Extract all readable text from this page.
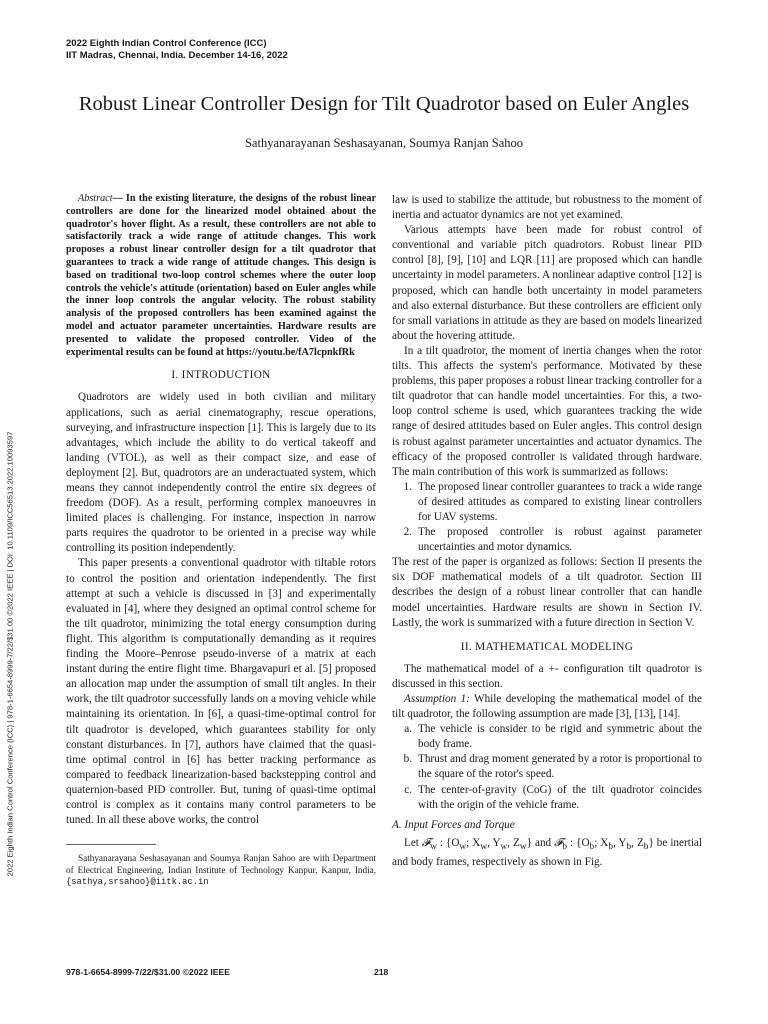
2022 Eighth Indian Control Conference (ICC)
IIT Madras, Chennai, India. December 14-16, 2022
Robust Linear Controller Design for Tilt Quadrotor based on Euler Angles
Sathyanarayanan Seshasayanan, Soumya Ranjan Sahoo
2022 Eighth Indian Control Conference (ICC) | 978-1-6654-8999-7/22/$31.00 ©2022 IEEE | DOI: 10.1109/ICC56513.2022.10093597

Abstract— In the existing literature, the designs of the robust linear controllers are done for the linearized model obtained about the quadrotor's hover flight. As a result, these controllers are not able to satisfactorily track a wide range of attitude changes. This work proposes a robust linear controller design for a tilt quadrotor that guarantees to track a wide range of attitude changes. This design is based on traditional two-loop control schemes where the outer loop controls the vehicle's attitude (orientation) based on Euler angles while the inner loop controls the angular velocity. The robust stability analysis of the proposed controllers has been examined against the model and actuator parameter uncertainties. Hardware results are presented to validate the proposed controller. Video of the experimental results can be found at https://youtu.be/fA7lcpnkfRk

I. INTRODUCTION

Quadrotors are widely used in both civilian and military applications, such as aerial cinematography, rescue operations, surveying, and infrastructure inspection [1]. This is largely due to its advantages, which include the ability to do vertical takeoff and landing (VTOL), as well as their compact size, and ease of deployment [2]. But, quadrotors are an underactuated system, which means they cannot independently control the entire six degrees of freedom (DOF). As a result, performing complex manoeuvres in limited places is challenging. For instance, inspection in narrow parts requires the quadrotor to be oriented in a precise way while controlling its position independently.

This paper presents a conventional quadrotor with tiltable rotors to control the position and orientation independently. The first attempt at such a vehicle is discussed in [3] and experimentally evaluated in [4], where they designed an optimal control scheme for the tilt quadrotor, minimizing the total energy consumption during flight. This algorithm is computationally demanding as it requires finding the Moore–Penrose pseudo-inverse of a matrix at each instant during the entire flight time. Bhargavapuri et al. [5] proposed an allocation map under the assumption of small tilt angles. In their work, the tilt quadrotor successfully lands on a moving vehicle while maintaining its orientation. In [6], a quasi-time-optimal control for tilt quadrotor is developed, which guarantees stability for only constant disturbances. In [7], authors have claimed that the quasi-time optimal control in [6] has better tracking performance as compared to feedback linearization-based backstepping control and quaternion-based PID controller. But, tuning of quasi-time optimal control is complex as it contains many control parameters to be tuned. In all these above works, the control

Sathyanarayana Seshasayanan and Soumya Ranjan Sahoo are with Department of Electrical Engineering, Indian Institute of Technology Kanpur, Kanpur, India, {sathya,srsahoo}@iitk.ac.in

law is used to stabilize the attitude, but robustness to the moment of inertia and actuator dynamics are not yet examined.

Various attempts have been made for robust control of conventional and variable pitch quadrotors. Robust linear PID control [8], [9], [10] and LQR [11] are proposed which can handle uncertainty in model parameters. A nonlinear adaptive control [12] is proposed, which can handle both uncertainty in model parameters and also external disturbance. But these controllers are efficient only for small variations in attitude as they are based on models linearized about the hovering attitude.

In a tilt quadrotor, the moment of inertia changes when the rotor tilts. This affects the system's performance. Motivated by these problems, this paper proposes a robust linear tracking controller for a tilt quadrotor that can handle model uncertainties. For this, a two-loop control scheme is used, which guarantees tracking the wide range of desired attitudes based on Euler angles. This control design is robust against parameter uncertainties and actuator dynamics. The efficacy of the proposed controller is validated through hardware. The main contribution of this work is summarized as follows:

1. The proposed linear controller guarantees to track a wide range of desired attitudes as compared to existing linear controllers for UAV systems.
2. The proposed controller is robust against parameter uncertainties and motor dynamics.

The rest of the paper is organized as follows: Section II presents the six DOF mathematical models of a tilt quadrotor. Section III describes the design of a robust linear controller that can handle model uncertainties. Hardware results are shown in Section IV. Lastly, the work is summarized with a future direction in Section V.

II. MATHEMATICAL MODELING

The mathematical model of a +- configuration tilt quadrotor is discussed in this section.

Assumption 1: While developing the mathematical model of the tilt quadrotor, the following assumption are made [3], [13], [14].

a. The vehicle is consider to be rigid and symmetric about the body frame.
b. Thrust and drag moment generated by a rotor is proportional to the square of the rotor's speed.
c. The center-of-gravity (CoG) of the tilt quadrotor coincides with the origin of the vehicle frame.
A. Input Forces and Torque

Let 𝓕$_w$ : {$O_w$; $X_w$, $Y_w$, $Z_w$} and 𝓕$_b$ : {$O_b$; $X_b$, $Y_b$, $Z_b$} be inertial and body frames, respectively as shown in Fig.

978-1-6654-8999-7/22/$31.00 ©2022 IEEE	218
